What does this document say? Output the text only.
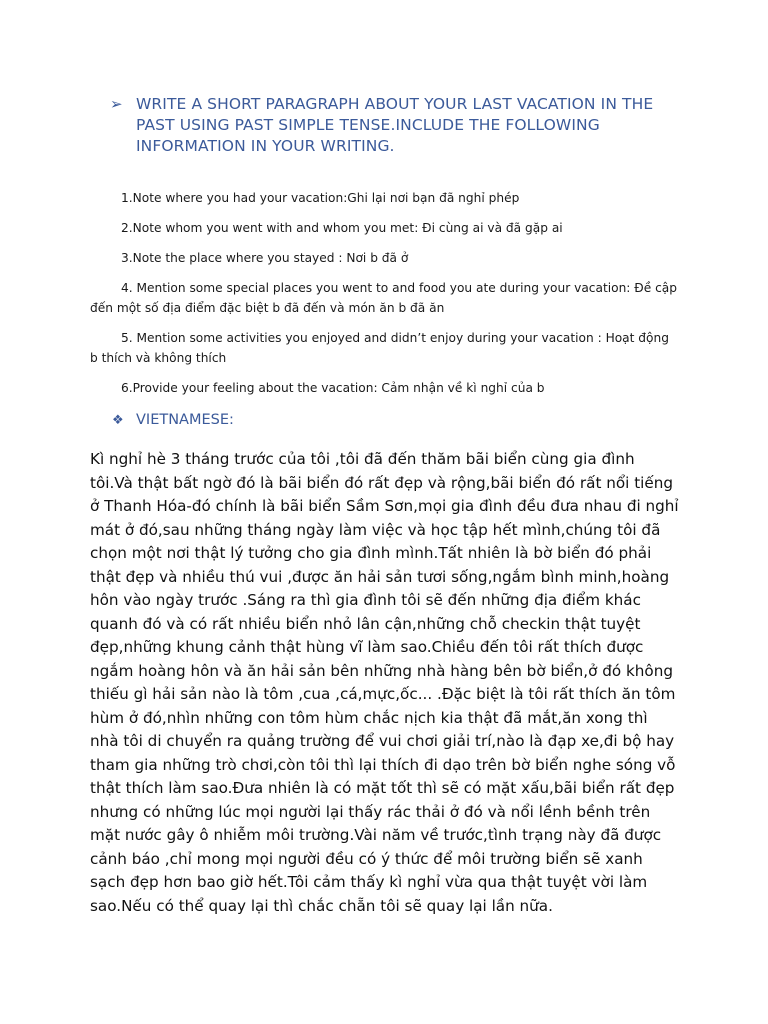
➢ WRITE A SHORT PARAGRAPH ABOUT YOUR LAST VACATION IN THE PAST USING PAST SIMPLE TENSE.INCLUDE THE FOLLOWING INFORMATION IN YOUR WRITING.

1.Note where you had your vacation:Ghi lại nơi bạn đã nghỉ phép

2.Note whom you went with and whom you met: Đi cùng ai và đã gặp ai

3.Note the place where you stayed : Nơi b đã ở

4. Mention some special places you went to and food you ate during your vacation: Đề cập đến một số địa điểm đặc biệt b đã đến và món ăn b đã ăn

5. Mention some activities you enjoyed and didn’t enjoy during your vacation : Hoạt động b thích và không thích

6.Provide your feeling about the vacation: Cảm nhận về kì nghỉ của b

❖ VIETNAMESE:

Kì nghỉ hè 3 tháng trước của tôi ,tôi đã đến thăm bãi biển cùng gia đình tôi.Và thật bất ngờ đó là bãi biển đó rất đẹp và rộng,bãi biển đó rất nổi tiếng ở Thanh Hóa-đó chính là bãi biển Sầm Sơn,mọi gia đình đều đưa nhau đi nghỉ mát ở đó,sau những tháng ngày làm việc và học tập hết mình,chúng tôi đã chọn một nơi thật lý tưởng cho gia đình mình.Tất nhiên là bờ biển đó phải thật đẹp và nhiều thú vui ,được ăn hải sản tươi sống,ngắm bình minh,hoàng hôn vào ngày trước .Sáng ra thì gia đình tôi sẽ đến những địa điểm khác quanh đó và có rất nhiều biển nhỏ lân cận,những chỗ checkin thật tuyệt đẹp,những khung cảnh thật hùng vĩ làm sao.Chiều đến tôi rất thích được ngắm hoàng hôn và ăn hải sản bên những nhà hàng bên bờ biển,ở đó không thiếu gì hải sản nào là tôm ,cua ,cá,mực,ốc... .Đặc biệt là tôi rất thích ăn tôm hùm ở đó,nhìn những con tôm hùm chắc nịch kia thật đã mắt,ăn xong thì nhà tôi di chuyển ra quảng trường để vui chơi giải trí,nào là đạp xe,đi bộ hay tham gia những trò chơi,còn tôi thì lại thích đi dạo trên bờ biển nghe sóng vỗ thật thích làm sao.Đưa nhiên là có mặt tốt thì sẽ có mặt xấu,bãi biển rất đẹp nhưng có những lúc mọi người lại thấy rác thải ở đó và nổi lềnh bềnh trên mặt nước gây ô nhiễm môi trường.Vài năm về trước,tình trạng này đã được cảnh báo ,chỉ mong mọi người đều có ý thức để môi trường biển sẽ xanh sạch đẹp hơn bao giờ hết.Tôi cảm thấy kì nghỉ vừa qua thật tuyệt vời làm sao.Nếu có thể quay lại thì chắc chẵn tôi sẽ quay lại lần nữa.
